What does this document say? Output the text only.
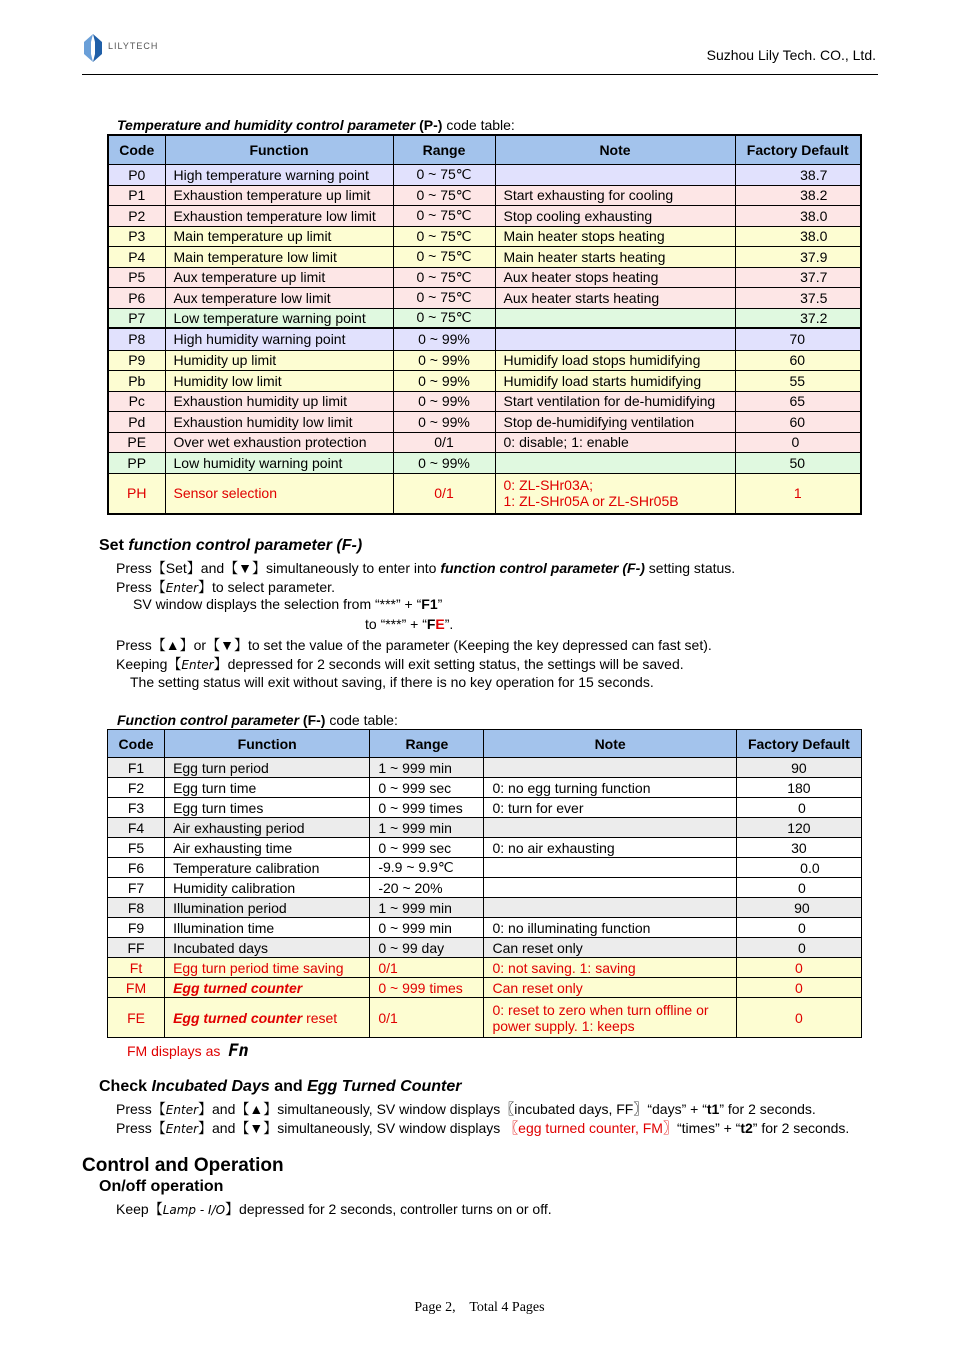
LILYTECH
Suzhou Lily Tech. CO., Ltd.
Temperature and humidity control parameter (P-) code table:
Code	Function	Range	Note	Factory Default
P0	High temperature warning point	0 ~ 75℃		38.7
P1	Exhaustion temperature up limit	0 ~ 75℃	Start exhausting for cooling	38.2
P2	Exhaustion temperature low limit	0 ~ 75℃	Stop cooling exhausting	38.0
P3	Main temperature up limit	0 ~ 75℃	Main heater stops heating	38.0
P4	Main temperature low limit	0 ~ 75℃	Main heater starts heating	37.9
P5	Aux temperature up limit	0 ~ 75℃	Aux heater stops heating	37.7
P6	Aux temperature low limit	0 ~ 75℃	Aux heater starts heating	37.5
P7	Low temperature warning point	0 ~ 75℃		37.2
P8	High humidity warning point	0 ~ 99%		70
P9	Humidity up limit	0 ~ 99%	Humidify load stops humidifying	60
Pb	Humidity low limit	0 ~ 99%	Humidify load starts humidifying	55
Pc	Exhaustion humidity up limit	0 ~ 99%	Start ventilation for de-humidifying	65
Pd	Exhaustion humidity low limit	0 ~ 99%	Stop de-humidifying ventilation	60
PE	Over wet exhaustion protection	0/1	0: disable; 1: enable	0
PP	Low humidity warning point	0 ~ 99%		50
PH	Sensor selection	0/1	0: ZL-SHr03A;
1: ZL-SHr05A or ZL-SHr05B	1
Set function control parameter (F-)
Press【Set】and【▼】simultaneously to enter into function control parameter (F-) setting status.
Press【Enter】to select parameter.
SV window displays the selection from “***” + “F1”
to “***” + “FE”.
Press【▲】or【▼】to set the value of the parameter (Keeping the key depressed can fast set).
Keeping【Enter】depressed for 2 seconds will exit setting status, the settings will be saved.
The setting status will exit without saving, if there is no key operation for 15 seconds.
Function control parameter (F-) code table:
Code	Function	Range	Note	Factory Default
F1	Egg turn period	1 ~ 999 min		90
F2	Egg turn time	0 ~ 999 sec	0: no egg turning function	180
F3	Egg turn times	0 ~ 999 times	0: turn for ever	0
F4	Air exhausting period	1 ~ 999 min		120
F5	Air exhausting time	0 ~ 999 sec	0: no air exhausting	30
F6	Temperature calibration	-9.9 ~ 9.9℃		0.0
F7	Humidity calibration	-20 ~ 20%		0
F8	Illumination period	1 ~ 999 min		90
F9	Illumination time	0 ~ 999 min	0: no illuminating function	0
FF	Incubated days	0 ~ 99 day	Can reset only	0
Ft	Egg turn period time saving	0/1	0: not saving. 1: saving	0
FM	Egg turned counter	0 ~ 999 times	Can reset only	0
FE	Egg turned counter reset	0/1	0: reset to zero when turn offline or
power supply. 1: keeps	0
FM displays as Fn
Check Incubated Days and Egg Turned Counter
Press【Enter】and【▲】simultaneously, SV window displays〖incubated days, FF〗“days” + “t1” for 2 seconds.
Press【Enter】and【▼】simultaneously, SV window displays 〖egg turned counter, FM〗“times” + “t2” for 2 seconds.
Control and Operation
On/off operation
Keep【Lamp - I/O】depressed for 2 seconds, controller turns on or off.
Page 2,    Total 4 Pages
